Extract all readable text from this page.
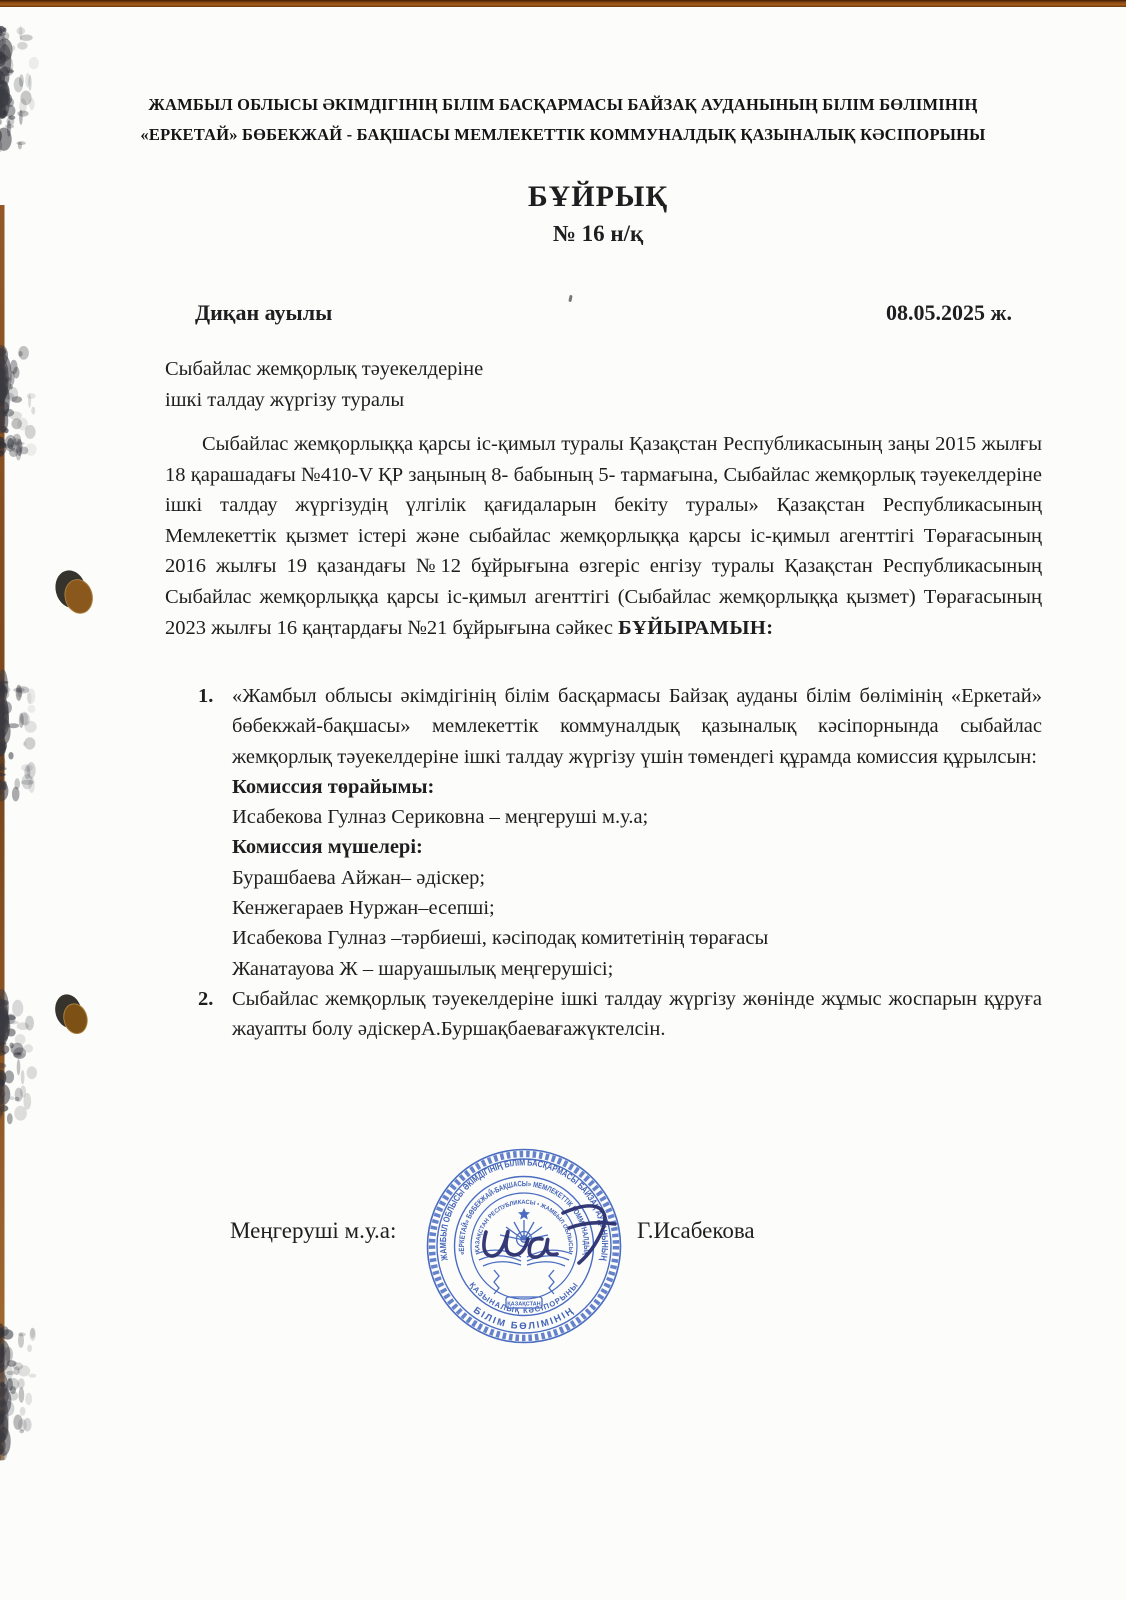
ЖАМБЫЛ ОБЛЫСЫ ӘКІМДІГІНІҢ БІЛІМ БАСҚАРМАСЫ БАЙЗАҚ АУДАНЫНЫҢ БІЛІМ БӨЛІМІНІҢ
«ЕРКЕТАЙ» БӨБЕКЖАЙ - БАҚШАСЫ МЕМЛЕКЕТТІК КОММУНАЛДЫҚ ҚАЗЫНАЛЫҚ КӘСІПОРЫНЫ
БҰЙРЫҚ
№ 16 н/қ
Диқан ауылы	08.05.2025 ж.
Сыбайлас жемқорлық тәуекелдеріне
ішкі талдау жүргізу туралы

Сыбайлас жемқорлыққа қарсы іс-қимыл туралы Қазақстан Республикасының заңы 2015 жылғы 18 қарашадағы №410-V ҚР заңының 8- бабының 5- тармағына, Сыбайлас жемқорлық тәуекелдеріне ішкі талдау жүргізудің үлгілік қағидаларын бекіту туралы» Қазақстан Республикасының Мемлекеттік қызмет істері және сыбайлас жемқорлыққа қарсы іс-қимыл агенттігі Төрағасының 2016 жылғы 19 қазандағы №12 бұйрығына өзгеріс енгізу туралы Қазақстан Республикасының Сыбайлас жемқорлыққа қарсы іс-қимыл агенттігі (Сыбайлас жемқорлыққа қызмет) Төрағасының 2023 жылғы 16 қаңтардағы №21 бұйрығына сәйкес БҰЙЫРАМЫН:

1. «Жамбыл облысы әкімдігінің білім басқармасы Байзақ ауданы білім бөлімінің «Еркетай» бөбекжай-бақшасы» мемлекеттік коммуналдық қазыналық кәсіпорнында сыбайлас жемқорлық тәуекелдеріне ішкі талдау жүргізу үшін төмендегі құрамда комиссия құрылсын:
Комиссия төрайымы:
Исабекова Гулназ Сериковна – меңгеруші м.у.а;
Комиссия мүшелері:
Бурашбаева Айжан– әдіскер;
Кенжегараев Нуржан–есепші;
Исабекова Гулназ –тәрбиеші, кәсіподақ комитетінің төрағасы
Жанатауова Ж – шаруашылық меңгерушісі;
2. Сыбайлас жемқорлық тәуекелдеріне ішкі талдау жүргізу жөнінде жұмыс жоспарын құруға жауапты болу әдіскерА.Буршақбаевағажүктелсін.
Меңгеруші м.у.а:	Г.Исабекова
ЖАМБЫЛ ОБЛЫСЫ ӘКІМДІГІНІҢ БІЛІМ БАСҚАРМАСЫ БАЙЗАҚ АУДАНЫНЫҢ
БІЛІМ БӨЛІМІНІҢ
«ЕРКЕТАЙ» БӨБЕКЖАЙ-БАҚШАСЫ» МЕМЛЕКЕТТІК КОММУНАЛДЫҚ
ҚАЗЫНАЛЫҚ КӘСІПОРЫНЫ
ҚАЗАҚСТАН РЕСПУБЛИКАСЫ • ЖАМБЫЛ ОБЛЫСЫ
ҚАЗАҚСТАН
